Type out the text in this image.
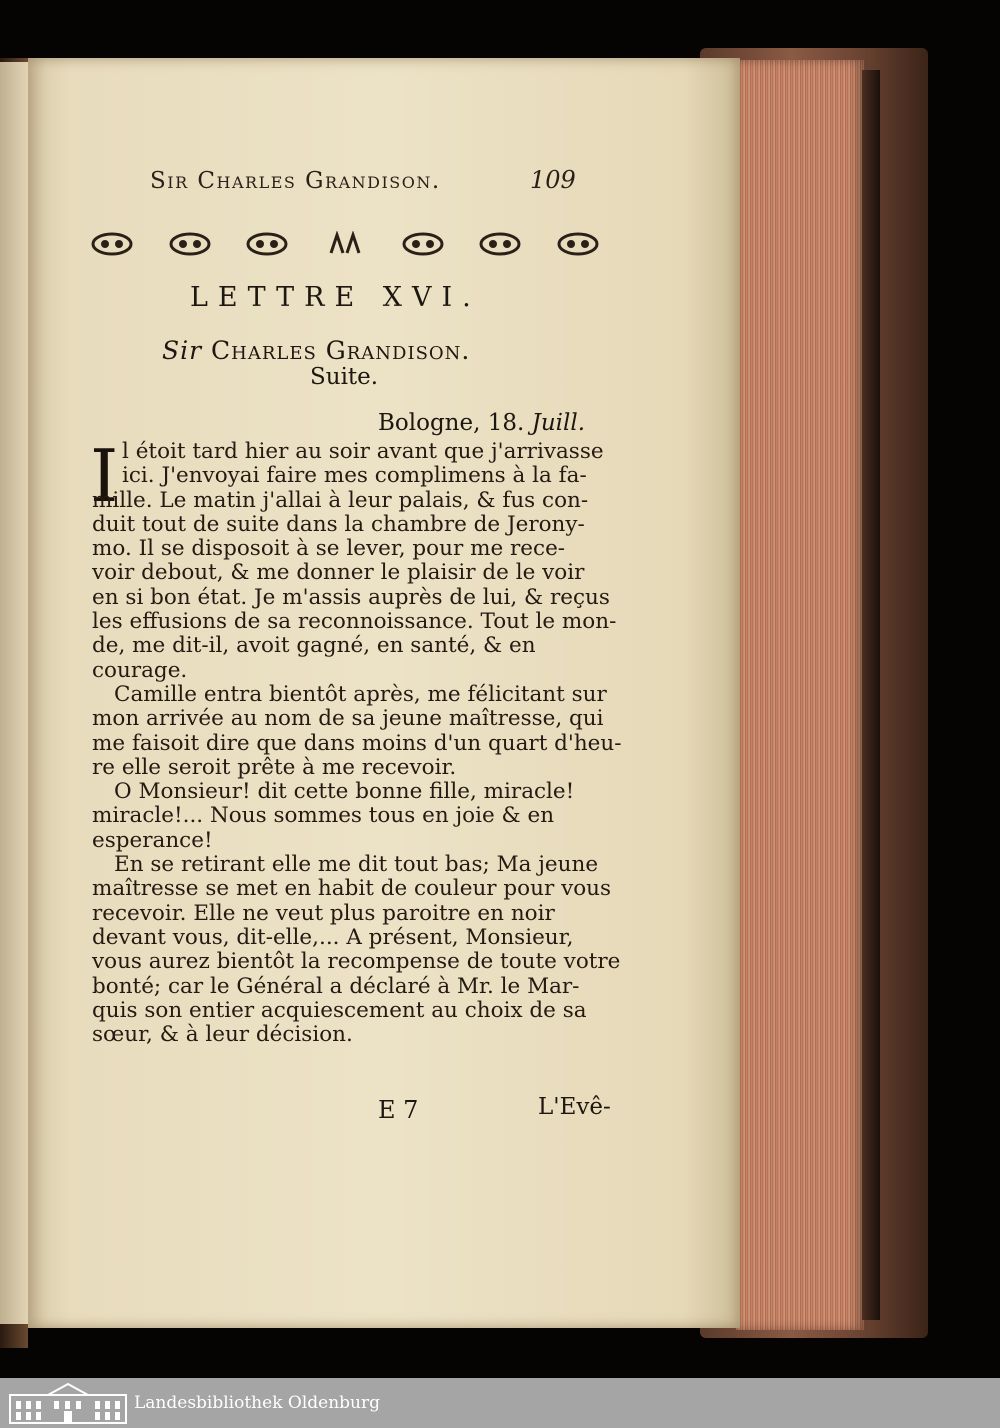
Sir Charles Grandison.	109
LETTRE XVI.
Sir Charles Grandison.
Suite.
Bologne, 18. Juill.
I l étoit tard hier au soir avant que j'arrivasse
ici. J'envoyai faire mes complimens à la fa-
mille. Le matin j'allai à leur palais, & fus con-
duit tout de suite dans la chambre de Jerony-
mo. Il se disposoit à se lever, pour me rece-
voir debout, & me donner le plaisir de le voir
en si bon état. Je m'assis auprès de lui, & reçus
les effusions de sa reconnoissance. Tout le mon-
de, me dit-il, avoit gagné, en santé, & en
courage.
Camille entra bientôt après, me félicitant sur
mon arrivée au nom de sa jeune maîtresse, qui
me faisoit dire que dans moins d'un quart d'heu-
re elle seroit prête à me recevoir.
O Monsieur! dit cette bonne fille, miracle!
miracle!... Nous sommes tous en joie & en
esperance!
En se retirant elle me dit tout bas; Ma jeune
maîtresse se met en habit de couleur pour vous
recevoir. Elle ne veut plus paroitre en noir
devant vous, dit-elle,... A présent, Monsieur,
vous aurez bientôt la recompense de toute votre
bonté; car le Général a déclaré à Mr. le Mar-
quis son entier acquiescement au choix de sa
sœur, & à leur décision.
E 7	L'Evê-
Landesbibliothek Oldenburg
